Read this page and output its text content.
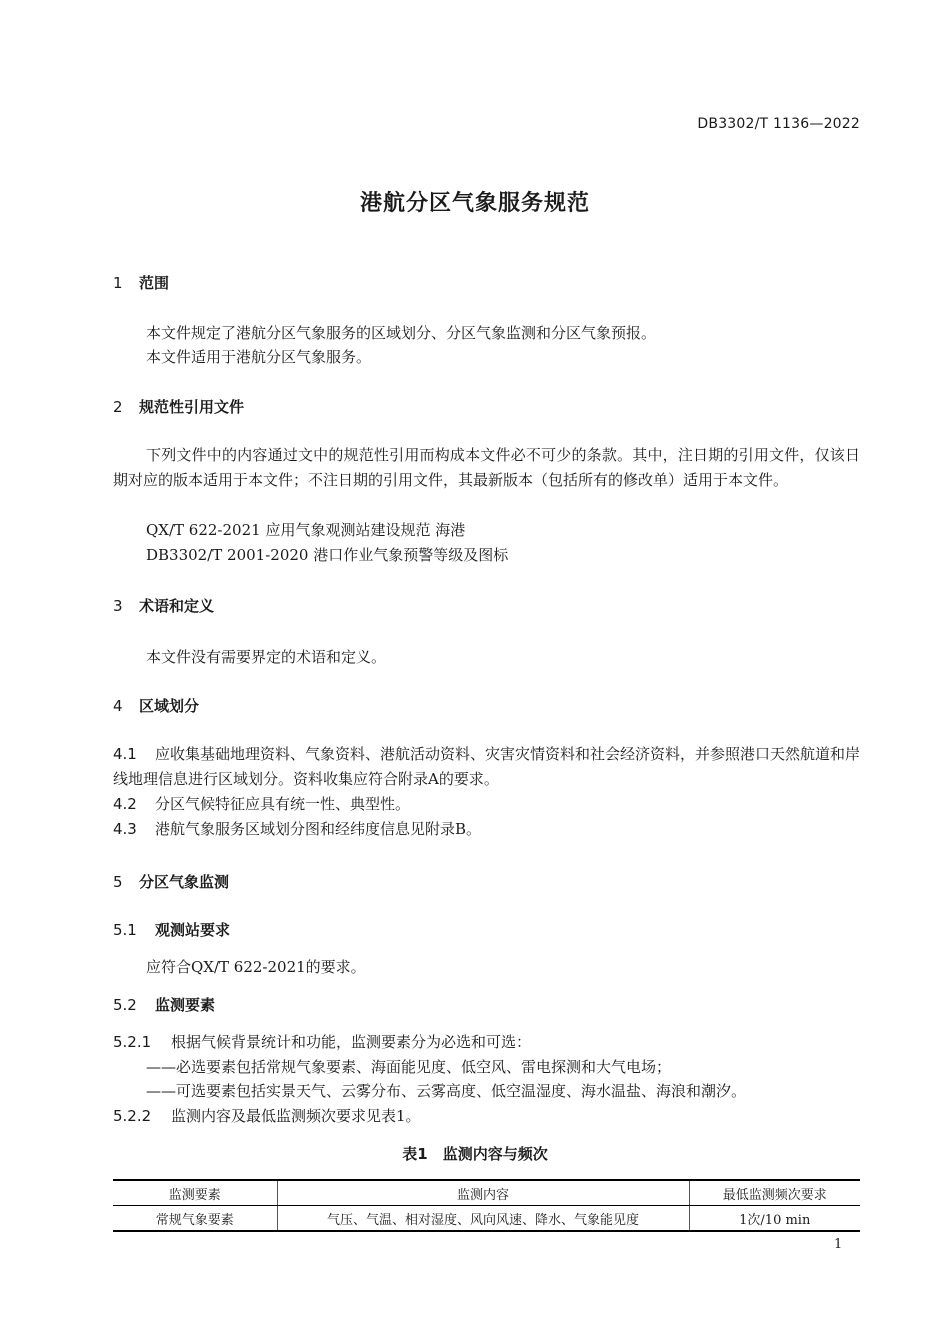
DB3302/T 1136—2022
港航分区气象服务规范
1 范围
本文件规定了港航分区气象服务的区域划分、分区气象监测和分区气象预报。
本文件适用于港航分区气象服务。
2 规范性引用文件
下列文件中的内容通过文中的规范性引用而构成本文件必不可少的条款。其中，注日期的引用文件，仅该日期对应的版本适用于本文件；不注日期的引用文件，其最新版本（包括所有的修改单）适用于本文件。
QX/T 622-2021 应用气象观测站建设规范 海港
DB3302/T 2001-2020 港口作业气象预警等级及图标
3 术语和定义
本文件没有需要界定的术语和定义。
4 区域划分
4.1 应收集基础地理资料、气象资料、港航活动资料、灾害灾情资料和社会经济资料，并参照港口天然航道和岸线地理信息进行区域划分。资料收集应符合附录A的要求。
4.2 分区气候特征应具有统一性、典型性。
4.3 港航气象服务区域划分图和经纬度信息见附录B。
5 分区气象监测
5.1 观测站要求
应符合QX/T 622-2021的要求。
5.2 监测要素
5.2.1 根据气候背景统计和功能，监测要素分为必选和可选：
——必选要素包括常规气象要素、海面能见度、低空风、雷电探测和大气电场；
——可选要素包括实景天气、云雾分布、云雾高度、低空温湿度、海水温盐、海浪和潮汐。
5.2.2 监测内容及最低监测频次要求见表1。
表1　监测内容与频次
监测要素	监测内容	最低监测频次要求
常规气象要素	气压、气温、相对湿度、风向风速、降水、气象能见度	1次/10 min
1
